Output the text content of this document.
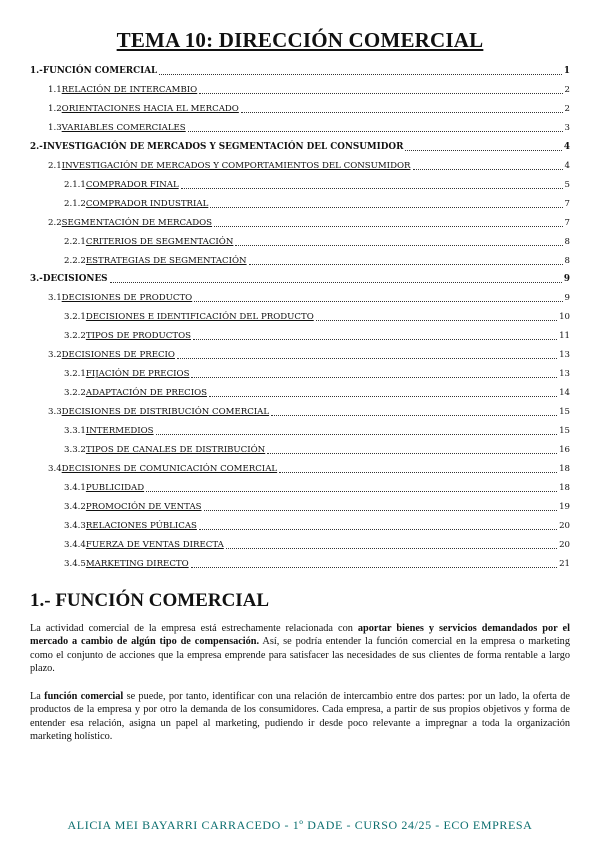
TEMA 10: DIRECCIÓN COMERCIAL
1.- FUNCIÓN COMERCIAL	1
1.1 RELACIÓN DE INTERCAMBIO	2
1.2 ORIENTACIONES HACIA EL MERCADO	2
1.3 VARIABLES COMERCIALES	3
2.- INVESTIGACIÓN DE MERCADOS Y SEGMENTACIÓN DEL CONSUMIDOR	4
2.1 INVESTIGACIÓN DE MERCADOS Y COMPORTAMIENTOS DEL CONSUMIDOR	4
2.1.1 COMPRADOR FINAL	5
2.1.2 COMPRADOR INDUSTRIAL	7
2.2 SEGMENTACIÓN DE MERCADOS	7
2.2.1 CRITERIOS DE SEGMENTACIÓN	8
2.2.2 ESTRATEGIAS DE SEGMENTACIÓN	8
3.- DECISIONES	9
3.1 DECISIONES DE PRODUCTO	9
3.2.1 DECISIONES E IDENTIFICACIÓN DEL PRODUCTO	10
3.2.2 TIPOS DE PRODUCTOS	11
3.2 DECISIONES DE PRECIO	13
3.2.1 FIJACIÓN DE PRECIOS	13
3.2.2 ADAPTACIÓN DE PRECIOS	14
3.3 DECISIONES DE DISTRIBUCIÓN COMERCIAL	15
3.3.1 INTERMEDIOS	15
3.3.2 TIPOS DE CANALES DE DISTRIBUCIÓN	16
3.4 DECISIONES DE COMUNICACIÓN COMERCIAL	18
3.4.1 PUBLICIDAD	18
3.4.2 PROMOCIÓN DE VENTAS	19
3.4.3 RELACIONES PÚBLICAS	20
3.4.4 FUERZA DE VENTAS DIRECTA	20
3.4.5 MARKETING DIRECTO	21
1.- FUNCIÓN COMERCIAL
La actividad comercial de la empresa está estrechamente relacionada con aportar bienes y servicios demandados por el mercado a cambio de algún tipo de compensación. Así, se podría entender la función comercial en la empresa o marketing como el conjunto de acciones que la empresa emprende para satisfacer las necesidades de sus clientes de forma rentable a largo plazo.
La función comercial se puede, por tanto, identificar con una relación de intercambio entre dos partes: por un lado, la oferta de productos de la empresa y por otro la demanda de los consumidores. Cada empresa, a partir de sus propios objetivos y forma de entender esa relación, asigna un papel al marketing, pudiendo ir desde poco relevante a impregnar a toda la organización marketing holístico.
ALICIA MEI BAYARRI CARRACEDO - 1º DADE - CURSO 24/25 - ECO EMPRESA
